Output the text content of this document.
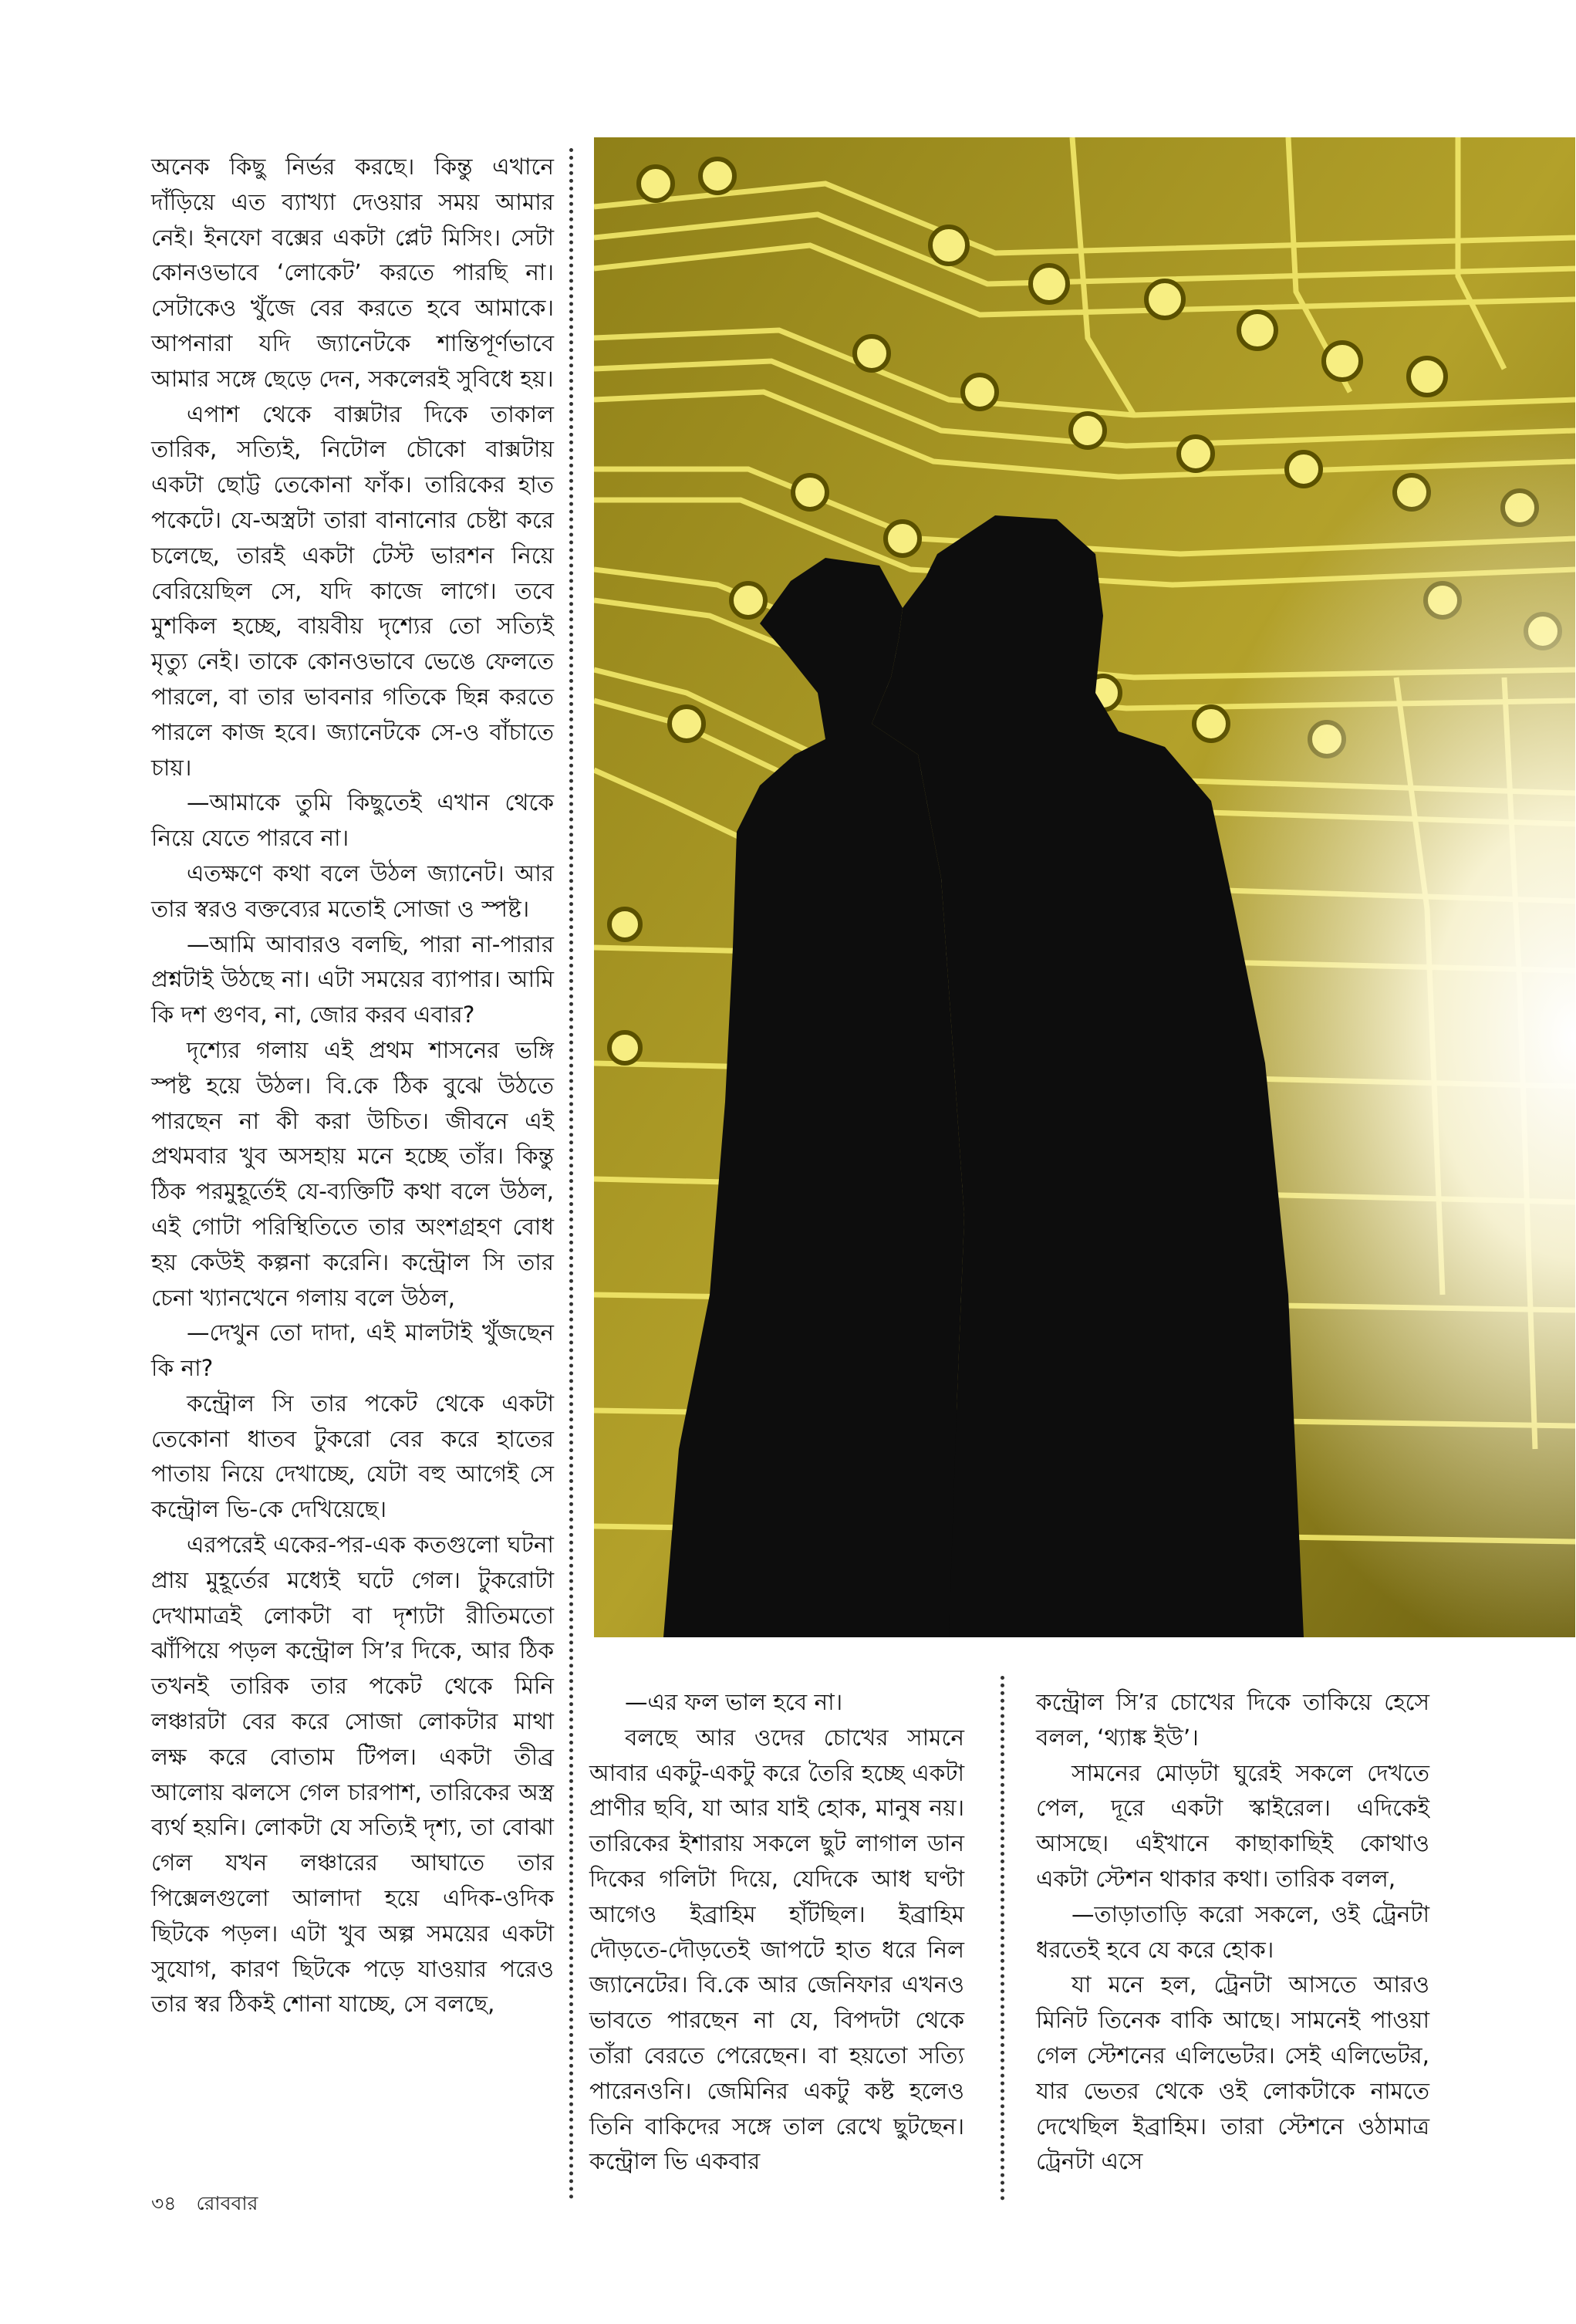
অনেক কিছু নির্ভর করছে। কিন্তু এখানে দাঁড়িয়ে এত ব্যাখ্যা দেওয়ার সময় আমার নেই। ইনফো বক্সের একটা প্লেট মিসিং। সেটা কোনওভাবে ‘লোকেট’ করতে পারছি না। সেটাকেও খুঁজে বের করতে হবে আমাকে। আপনারা যদি জ্যানেটকে শান্তিপূর্ণভাবে আমার সঙ্গে ছেড়ে দেন, সকলেরই সুবিধে হয়।

এপাশ থেকে বাক্সটার দিকে তাকাল তারিক, সত্যিই, নিটোল চৌকো বাক্সটায় একটা ছোট্ট তেকোনা ফাঁক। তারিকের হাত পকেটে। যে-অস্ত্রটা তারা বানানোর চেষ্টা করে চলেছে, তারই একটা টেস্ট ভারশন নিয়ে বেরিয়েছিল সে, যদি কাজে লাগে। তবে মুশকিল হচ্ছে, বায়বীয় দৃশ্যের তো সত্যিই মৃত্যু নেই। তাকে কোনওভাবে ভেঙে ফেলতে পারলে, বা তার ভাবনার গতিকে ছিন্ন করতে পারলে কাজ হবে। জ্যানেটকে সে-ও বাঁচাতে চায়।

—আমাকে তুমি কিছুতেই এখান থেকে নিয়ে যেতে পারবে না।

এতক্ষণে কথা বলে উঠল জ্যানেট। আর তার স্বরও বক্তব্যের মতোই সোজা ও স্পষ্ট।

—আমি আবারও বলছি, পারা না-পারার প্রশ্নটাই উঠছে না। এটা সময়ের ব্যাপার। আমি কি দশ গুণব, না, জোর করব এবার?

দৃশ্যের গলায় এই প্রথম শাসনের ভঙ্গি স্পষ্ট হয়ে উঠল। বি.কে ঠিক বুঝে উঠতে পারছেন না কী করা উচিত। জীবনে এই প্রথমবার খুব অসহায় মনে হচ্ছে তাঁর। কিন্তু ঠিক পরমুহূর্তেই যে-ব্যক্তিটি কথা বলে উঠল, এই গোটা পরিস্থিতিতে তার অংশগ্রহণ বোধ হয় কেউই কল্পনা করেনি। কন্ট্রোল সি তার চেনা খ্যানখেনে গলায় বলে উঠল,

—দেখুন তো দাদা, এই মালটাই খুঁজছেন কি না?

কন্ট্রোল সি তার পকেট থেকে একটা তেকোনা ধাতব টুকরো বের করে হাতের পাতায় নিয়ে দেখাচ্ছে, যেটা বহু আগেই সে কন্ট্রোল ভি-কে দেখিয়েছে।

এরপরেই একের-পর-এক কতগুলো ঘটনা প্রায় মুহূর্তের মধ্যেই ঘটে গেল। টুকরোটা দেখামাত্রই লোকটা বা দৃশ্যটা রীতিমতো ঝাঁপিয়ে পড়ল কন্ট্রোল সি’র দিকে, আর ঠিক তখনই তারিক তার পকেট থেকে মিনি লঞ্চারটা বের করে সোজা লোকটার মাথা লক্ষ করে বোতাম টিপল। একটা তীব্র আলোয় ঝলসে গেল চারপাশ, তারিকের অস্ত্র ব্যর্থ হয়নি। লোকটা যে সত্যিই দৃশ্য, তা বোঝা গেল যখন লঞ্চারের আঘাতে তার পিক্সেলগুলো আলাদা হয়ে এদিক-ওদিক ছিটকে পড়ল। এটা খুব অল্প সময়ের একটা সুযোগ, কারণ ছিটকে পড়ে যাওয়ার পরেও তার স্বর ঠিকই শোনা যাচ্ছে, সে বলছে,

—এর ফল ভাল হবে না।

বলছে আর ওদের চোখের সামনে আবার একটু-একটু করে তৈরি হচ্ছে একটা প্রাণীর ছবি, যা আর যাই হোক, মানুষ নয়। তারিকের ইশারায় সকলে ছুট লাগাল ডান দিকের গলিটা দিয়ে, যেদিকে আধ ঘণ্টা আগেও ইব্রাহিম হাঁটছিল। ইব্রাহিম দৌড়তে-দৌড়তেই জাপটে হাত ধরে নিল জ্যানেটের। বি.কে আর জেনিফার এখনও ভাবতে পারছেন না যে, বিপদটা থেকে তাঁরা বেরতে পেরেছেন। বা হয়তো সত্যি পারেনওনি। জেমিনির একটু কষ্ট হলেও তিনি বাকিদের সঙ্গে তাল রেখে ছুটছেন। কন্ট্রোল ভি একবার

কন্ট্রোল সি’র চোখের দিকে তাকিয়ে হেসে বলল, ‘থ্যাঙ্ক ইউ’।

সামনের মোড়টা ঘুরেই সকলে দেখতে পেল, দূরে একটা স্কাইরেল। এদিকেই আসছে। এইখানে কাছাকাছিই কোথাও একটা স্টেশন থাকার কথা। তারিক বলল,

—তাড়াতাড়ি করো সকলে, ওই ট্রেনটা ধরতেই হবে যে করে হোক।

যা মনে হল, ট্রেনটা আসতে আরও মিনিট তিনেক বাকি আছে। সামনেই পাওয়া গেল স্টেশনের এলিভেটর। সেই এলিভেটর, যার ভেতর থেকে ওই লোকটাকে নামতে দেখেছিল ইব্রাহিম। তারা স্টেশনে ওঠামাত্র ট্রেনটা এসে

৩৪ রোববার
